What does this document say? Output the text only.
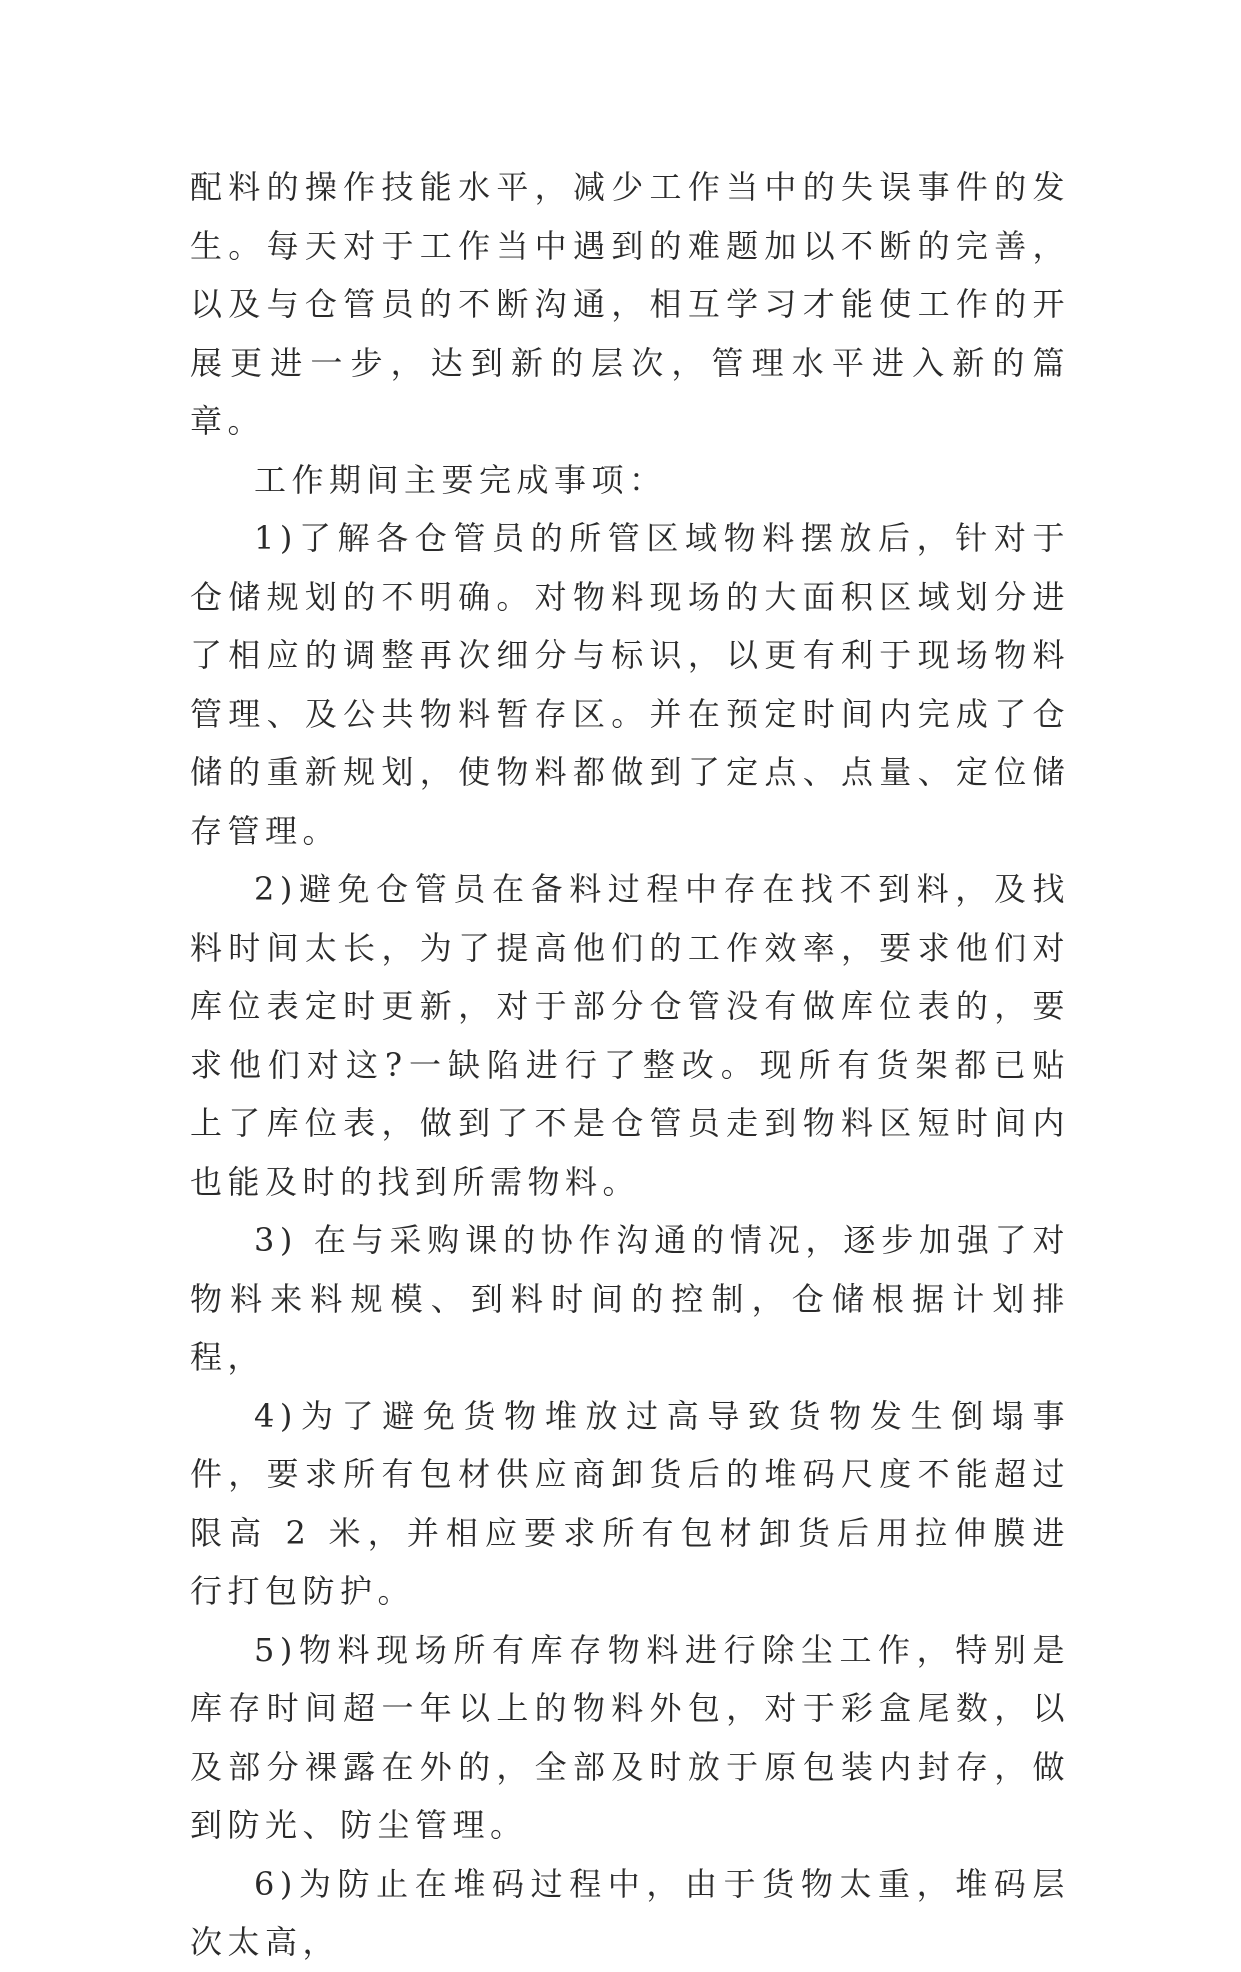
配料的操作技能水平，减少工作当中的失误事件的发生。每天对于工作当中遇到的难题加以不断的完善，以及与仓管员的不断沟通，相互学习才能使工作的开展更进一步，达到新的层次，管理水平进入新的篇章。

工作期间主要完成事项：

1)了解各仓管员的所管区域物料摆放后，针对于仓储规划的不明确。对物料现场的大面积区域划分进了相应的调整再次细分与标识，以更有利于现场物料管理、及公共物料暂存区。并在预定时间内完成了仓储的重新规划，使物料都做到了定点、点量、定位储存管理。

2)避免仓管员在备料过程中存在找不到料，及找料时间太长，为了提高他们的工作效率，要求他们对库位表定时更新，对于部分仓管没有做库位表的，要求他们对这?一缺陷进行了整改。现所有货架都已贴上了库位表，做到了不是仓管员走到物料区短时间内也能及时的找到所需物料。

3) 在与采购课的协作沟通的情况，逐步加强了对物料来料规模、到料时间的控制，仓储根据计划排程，

4)为了避免货物堆放过高导致货物发生倒塌事件，要求所有包材供应商卸货后的堆码尺度不能超过限高 2 米，并相应要求所有包材卸货后用拉伸膜进行打包防护。

5)物料现场所有库存物料进行除尘工作，特别是库存时间超一年以上的物料外包，对于彩盒尾数，以及部分裸露在外的，全部及时放于原包装内封存，做到防光、防尘管理。

6)为防止在堆码过程中，由于货物太重，堆码层次太高，
